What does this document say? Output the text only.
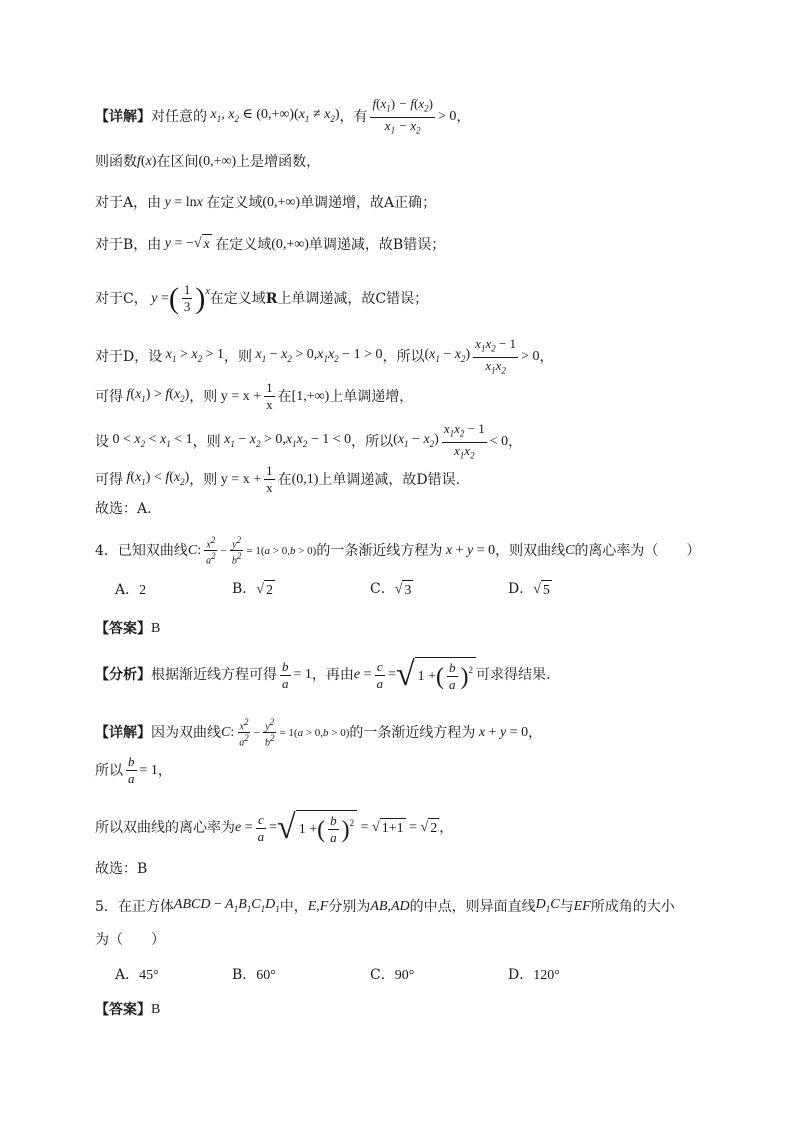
【详解】 对任意的 $x_1$, $x_2$ ∈ $(0,+\infty)(x_1 \ne x_2)$ ，有 $\frac{f(x_1) - f(x_2)}{x_1 - x_2} > 0$ ，
则函数 f(x) 在区间 (0,+∞) 上是增函数，
对于A，由 y = lnx 在定义域 (0,+∞) 单调递增，故A正确；
对于B，由 y = − √ x
在定义域 (0,+∞) 单调递减，故B错误；
对于C， y = ( $\frac{1}{3}$ ) x 在定义域 R 上单调递减，故C错误；
对于D，设 $x_1 > x_2 > 1$ ，则 $x_1 - x_2 > 0,x_1x_2 - 1 > 0$ ，所以 $(x_1 - x_2) \frac{x_1x_2 - 1}{x_1x_2} > 0$ ，
可得 $f(x_1) > f(x_2)$ ，则 $y = x + \frac{1}{x}$ 在 [1,+∞) 上单调递增，
设 $0 < x_2 < x_1 < 1$ ，则 $x_1 - x_2 > 0,x_1x_2 - 1 < 0$ ，所以 $(x_1 - x_2) \frac{x_1x_2 - 1}{x_1x_2} < 0$ ，
可得 $f(x_1) < f(x_2)$ ，则 $y = x + \frac{1}{x}$ 在 (0,1) 上单调递减，故D错误.
故选：A.
4．已知双曲线 C: $\frac{x^2}{a^2} - \frac{y^2}{b^2} = 1(a > 0,b > 0)$ 的一条渐近线方程为 x + y = 0 ，则双曲线 C 的离心率为（　　）
A．2	B． √ 2	C． √ 3	D． √ 5
【答案】 B
【分析】 根据渐近线方程可得 $\frac{b}{a} = 1$ ，再由 $e = \frac{c}{a}$ = √ 1 + ( $\frac{b}{a}$ ) 2 可求得结果.
【详解】 因为双曲线 C: $\frac{x^2}{a^2} - \frac{y^2}{b^2} = 1(a > 0,b > 0)$ 的一条渐近线方程为 x + y = 0 ，
所以 $\frac{b}{a} = 1$ ，
所以双曲线的离心率为 $e = \frac{c}{a}$ = √ 1 + ( $\frac{b}{a}$ ) 2 = √ 1+1 = √ 2 ，
故选：B
5．在正方体 ABCD − $A_1B_1C_1D_1$ 中， E,F 分别为 AB,AD 的中点，则异面直线 $D_1C$ 与 EF 所成角的大小
为（　　）
A．45°	B．60°	C．90°	D．120°
【答案】 B
